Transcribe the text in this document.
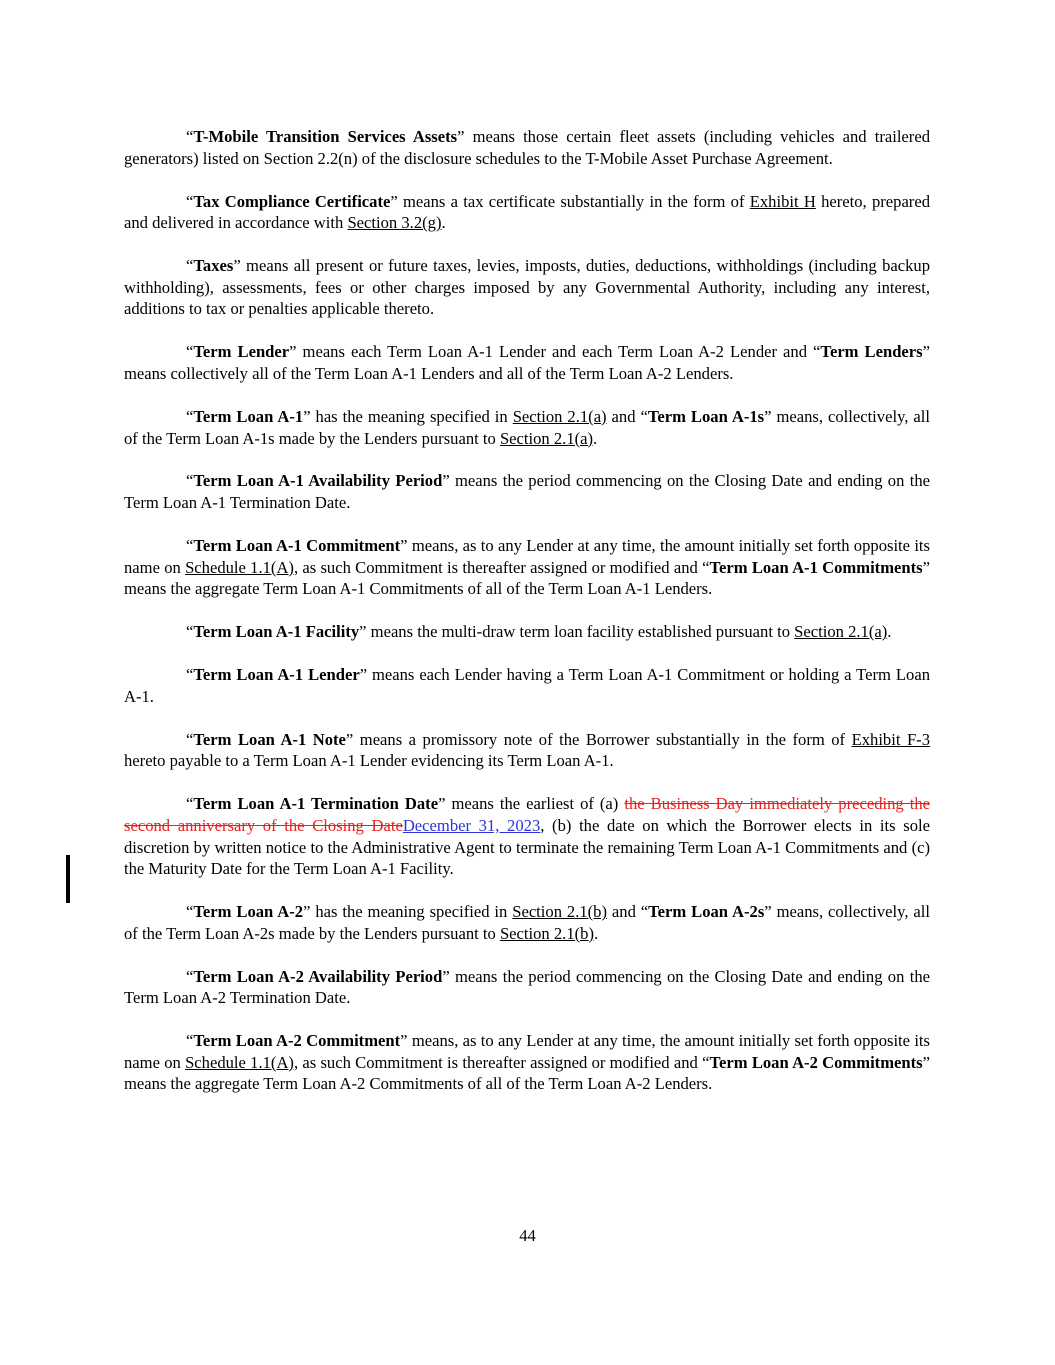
“T-Mobile Transition Services Assets” means those certain fleet assets (including vehicles and trailered generators) listed on Section 2.2(n) of the disclosure schedules to the T-Mobile Asset Purchase Agreement.

“Tax Compliance Certificate” means a tax certificate substantially in the form of Exhibit H hereto, prepared and delivered in accordance with Section 3.2(g).

“Taxes” means all present or future taxes, levies, imposts, duties, deductions, withholdings (including backup withholding), assessments, fees or other charges imposed by any Governmental Authority, including any interest, additions to tax or penalties applicable thereto.

“Term Lender” means each Term Loan A-1 Lender and each Term Loan A-2 Lender and “Term Lenders” means collectively all of the Term Loan A-1 Lenders and all of the Term Loan A-2 Lenders.

“Term Loan A-1” has the meaning specified in Section 2.1(a) and “Term Loan A-1s” means, collectively, all of the Term Loan A-1s made by the Lenders pursuant to Section 2.1(a).

“Term Loan A-1 Availability Period” means the period commencing on the Closing Date and ending on the Term Loan A-1 Termination Date.

“Term Loan A-1 Commitment” means, as to any Lender at any time, the amount initially set forth opposite its name on Schedule 1.1(A), as such Commitment is thereafter assigned or modified and “Term Loan A-1 Commitments” means the aggregate Term Loan A-1 Commitments of all of the Term Loan A-1 Lenders.

“Term Loan A-1 Facility” means the multi-draw term loan facility established pursuant to Section 2.1(a).

“Term Loan A-1 Lender” means each Lender having a Term Loan A-1 Commitment or holding a Term Loan A-1.

“Term Loan A-1 Note” means a promissory note of the Borrower substantially in the form of Exhibit F-3 hereto payable to a Term Loan A-1 Lender evidencing its Term Loan A-1.

“Term Loan A-1 Termination Date” means the earliest of (a) the Business Day immediately preceding the second anniversary of the Closing DateDecember 31, 2023, (b) the date on which the Borrower elects in its sole discretion by written notice to the Administrative Agent to terminate the remaining Term Loan A-1 Commitments and (c) the Maturity Date for the Term Loan A-1 Facility.

“Term Loan A-2” has the meaning specified in Section 2.1(b) and “Term Loan A-2s” means, collectively, all of the Term Loan A-2s made by the Lenders pursuant to Section 2.1(b).

“Term Loan A-2 Availability Period” means the period commencing on the Closing Date and ending on the Term Loan A-2 Termination Date.

“Term Loan A-2 Commitment” means, as to any Lender at any time, the amount initially set forth opposite its name on Schedule 1.1(A), as such Commitment is thereafter assigned or modified and “Term Loan A-2 Commitments” means the aggregate Term Loan A-2 Commitments of all of the Term Loan A-2 Lenders.

44
